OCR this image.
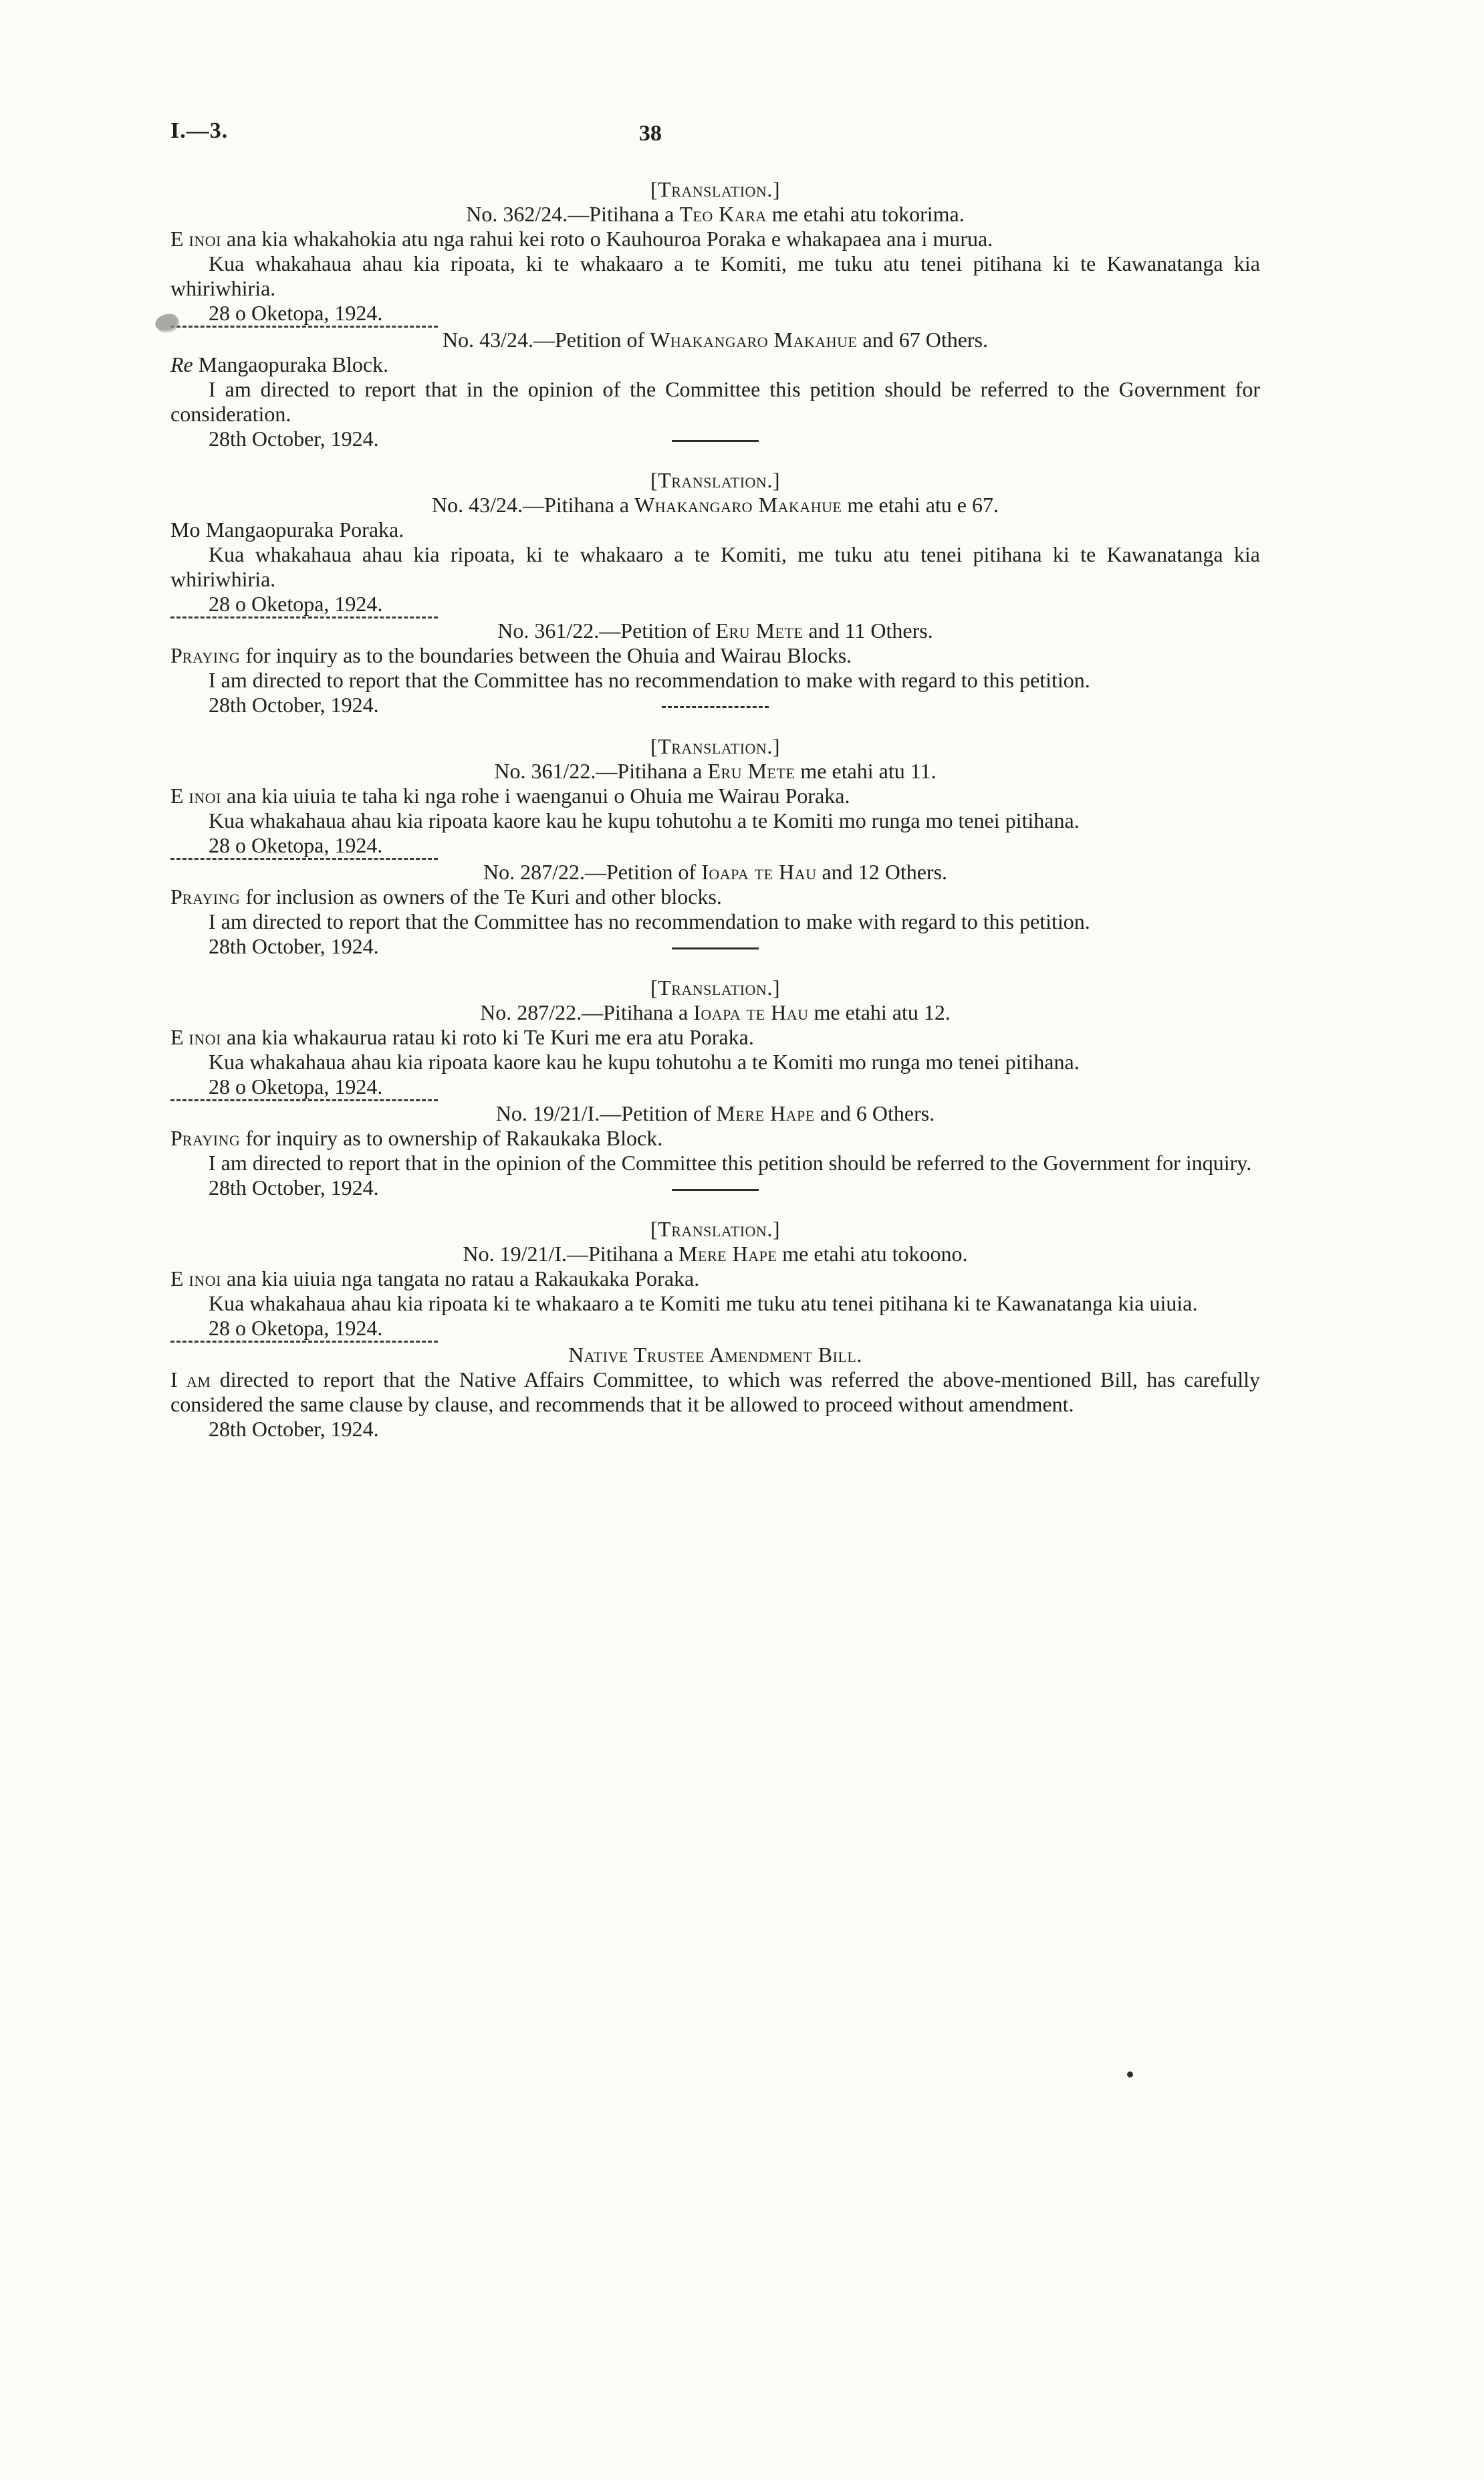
I.—3.	38
[Translation.]
No. 362/24.—Pitihana a Teo Kara me etahi atu tokorima.

E inoi ana kia whakahokia atu nga rahui kei roto o Kauhouroa Poraka e whakapaea ana i murua.

Kua whakahaua ahau kia ripoata, ki te whakaaro a te Komiti, me tuku atu tenei pitihana ki te Kawanatanga kia whiriwhiria.

28 o Oketopa, 1924.
No. 43/24.—Petition of Whakangaro Makahue and 67 Others.

Re Mangaopuraka Block.

I am directed to report that in the opinion of the Committee this petition should be referred to the Government for consideration.

28th October, 1924.
[Translation.]
No. 43/24.—Pitihana a Whakangaro Makahue me etahi atu e 67.

Mo Mangaopuraka Poraka.

Kua whakahaua ahau kia ripoata, ki te whakaaro a te Komiti, me tuku atu tenei pitihana ki te Kawanatanga kia whiriwhiria.

28 o Oketopa, 1924.
No. 361/22.—Petition of Eru Mete and 11 Others.

Praying for inquiry as to the boundaries between the Ohuia and Wairau Blocks.

I am directed to report that the Committee has no recommendation to make with regard to this petition.

28th October, 1924.
[Translation.]
No. 361/22.—Pitihana a Eru Mete me etahi atu 11.

E inoi ana kia uiuia te taha ki nga rohe i waenganui o Ohuia me Wairau Poraka.

Kua whakahaua ahau kia ripoata kaore kau he kupu tohutohu a te Komiti mo runga mo tenei pitihana.

28 o Oketopa, 1924.
No. 287/22.—Petition of Ioapa te Hau and 12 Others.

Praying for inclusion as owners of the Te Kuri and other blocks.

I am directed to report that the Committee has no recommendation to make with regard to this petition.

28th October, 1924.
[Translation.]
No. 287/22.—Pitihana a Ioapa te Hau me etahi atu 12.

E inoi ana kia whakaurua ratau ki roto ki Te Kuri me era atu Poraka.

Kua whakahaua ahau kia ripoata kaore kau he kupu tohutohu a te Komiti mo runga mo tenei pitihana.

28 o Oketopa, 1924.
No. 19/21/I.—Petition of Mere Hape and 6 Others.

Praying for inquiry as to ownership of Rakaukaka Block.

I am directed to report that in the opinion of the Committee this petition should be referred to the Government for inquiry.

28th October, 1924.
[Translation.]
No. 19/21/I.—Pitihana a Mere Hape me etahi atu tokoono.

E inoi ana kia uiuia nga tangata no ratau a Rakaukaka Poraka.

Kua whakahaua ahau kia ripoata ki te whakaaro a te Komiti me tuku atu tenei pitihana ki te Kawanatanga kia uiuia.

28 o Oketopa, 1924.
Native Trustee Amendment Bill.

I am directed to report that the Native Affairs Committee, to which was referred the above-mentioned Bill, has carefully considered the same clause by clause, and recommends that it be allowed to proceed without amendment.

28th October, 1924.
